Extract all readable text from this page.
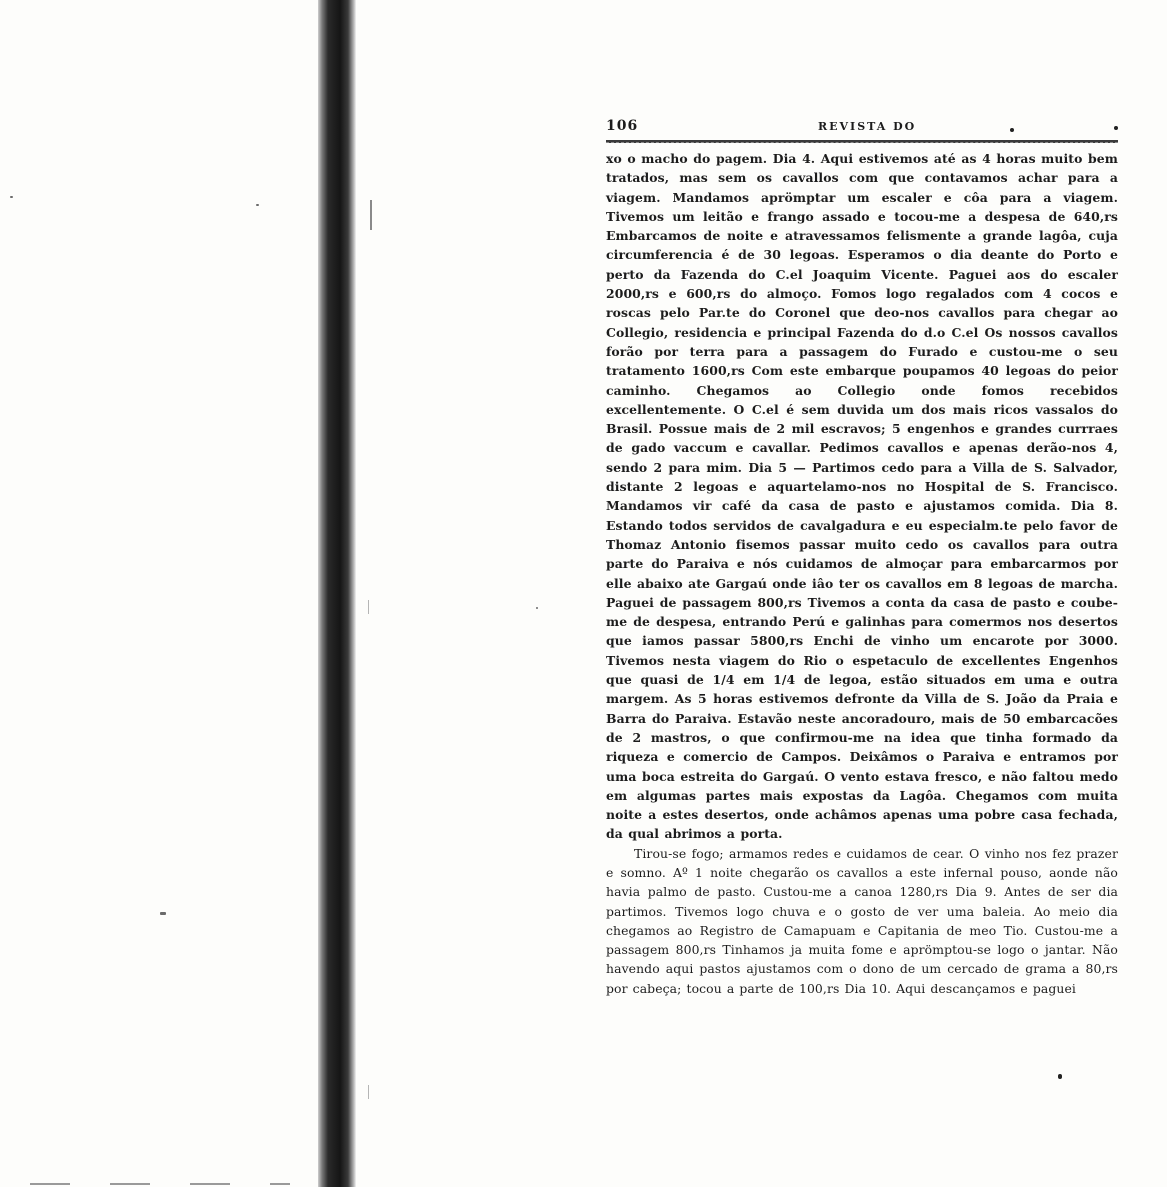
106	REVISTA DO

xo o macho do pagem. Dia 4. Aqui estivemos até as 4 horas muito bem tratados, mas sem os cavallos com que contavamos achar para a viagem. Mandamos aprömptar um escaler e côa para a viagem. Tivemos um leitão e frango assado e tocou-me a despesa de 640,rs Embarcamos de noite e atravessamos felismente a grande lagôa, cuja circumferencia é de 30 legoas. Esperamos o dia deante do Porto e perto da Fazenda do C.el Joaquim Vicente. Paguei aos do escaler 2000,rs e 600,rs do almoço. Fomos logo regalados com 4 cocos e roscas pelo Par.te do Coronel que deo-nos cavallos para chegar ao Collegio, residencia e principal Fazenda do d.o C.el Os nossos cavallos forão por terra para a passagem do Furado e custou-me o seu tratamento 1600,rs Com este embarque poupamos 40 legoas do peior caminho. Chegamos ao Collegio onde fomos recebidos excellentemente. O C.el é sem duvida um dos mais ricos vassalos do Brasil. Possue mais de 2 mil escravos; 5 engenhos e grandes currraes de gado vaccum e cavallar. Pedimos cavallos e apenas derão-nos 4, sendo 2 para mim. Dia 5 — Partimos cedo para a Villa de S. Salvador, distante 2 legoas e aquartelamo-nos no Hospital de S. Francisco. Mandamos vir café da casa de pasto e ajustamos comida. Dia 8. Estando todos servidos de cavalgadura e eu especialm.te pelo favor de Thomaz Antonio fisemos passar muito cedo os cavallos para outra parte do Paraiva e nós cuidamos de almoçar para embarcarmos por elle abaixo ate Gargaú onde iâo ter os cavallos em 8 legoas de marcha. Paguei de passagem 800,rs Tivemos a conta da casa de pasto e coube-me de despesa, entrando Perú e galinhas para comermos nos desertos que iamos passar 5800,rs Enchi de vinho um encarote por 3000. Tivemos nesta viagem do Rio o espetaculo de excellentes Engenhos que quasi de 1/4 em 1/4 de legoa, estão situados em uma e outra margem. As 5 horas estivemos defronte da Villa de S. João da Praia e Barra do Paraiva. Estavão neste ancoradouro, mais de 50 embarcacões de 2 mastros, o que confirmou-me na idea que tinha formado da riqueza e comercio de Campos. Deixâmos o Paraiva e entramos por uma boca estreita do Gargaú. O vento estava fresco, e não faltou medo em algumas partes mais expostas da Lagôa. Chegamos com muita noite a estes desertos, onde achâmos apenas uma pobre casa fechada, da qual abrimos a porta.

Tirou-se fogo; armamos redes e cuidamos de cear. O vinho nos fez prazer e somno. Aº 1 noite chegarão os cavallos a este infernal pouso, aonde não havia palmo de pasto. Custou-me a canoa 1280,rs Dia 9. Antes de ser dia partimos. Tivemos logo chuva e o gosto de ver uma baleia. Ao meio dia chegamos ao Registro de Camapuam e Capitania de meo Tio. Custou-me a passagem 800,rs Tinhamos ja muita fome e aprömptou-se logo o jantar. Não havendo aqui pastos ajustamos com o dono de um cercado de grama a 80,rs por cabeça; tocou a parte de 100,rs Dia 10. Aqui descançamos e paguei
